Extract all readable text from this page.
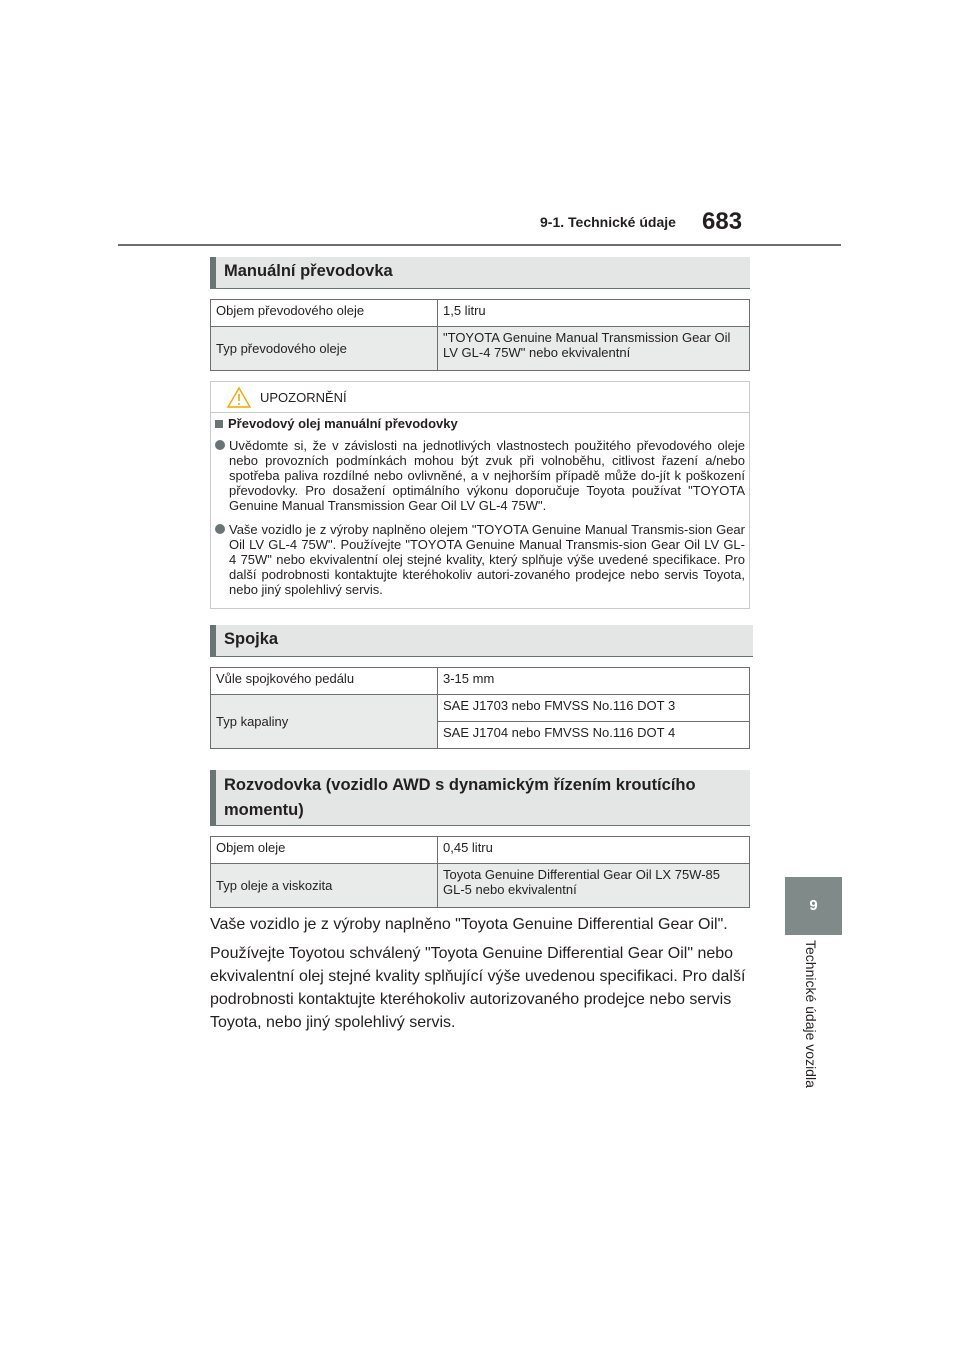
9-1. Technické údaje 683
9
Technické údaje vozidla
Manuální převodovka
Objem převodového oleje	1,5 litru
Typ převodového oleje	"TOYOTA Genuine Manual Transmission Gear Oil LV GL-4 75W" nebo ekvivalentní
UPOZORNĚNÍ
Převodový olej manuální převodovky
Uvědomte si, že v závislosti na jednotlivých vlastnostech použitého převodového oleje nebo provozních podmínkách mohou být zvuk při volnoběhu, citlivost řazení a/nebo spotřeba paliva rozdílné nebo ovlivněné, a v nejhorším případě může do-jít k poškození převodovky. Pro dosažení optimálního výkonu doporučuje Toyota používat "TOYOTA Genuine Manual Transmission Gear Oil LV GL-4 75W".
Vaše vozidlo je z výroby naplněno olejem "TOYOTA Genuine Manual Transmis-sion Gear Oil LV GL-4 75W". Používejte "TOYOTA Genuine Manual Transmis-sion Gear Oil LV GL-4 75W" nebo ekvivalentní olej stejné kvality, který splňuje výše uvedené specifikace. Pro další podrobnosti kontaktujte kteréhokoliv autori-zovaného prodejce nebo servis Toyota, nebo jiný spolehlivý servis.
Spojka
Vůle spojkového pedálu	3-15 mm
Typ kapaliny	SAE J1703 nebo FMVSS No.116 DOT 3
	SAE J1704 nebo FMVSS No.116 DOT 4
Rozvodovka (vozidlo AWD s dynamickým řízením kroutícího momentu)
Objem oleje	0,45 litru
Typ oleje a viskozita	Toyota Genuine Differential Gear Oil LX 75W-85 GL-5 nebo ekvivalentní
Vaše vozidlo je z výroby naplněno "Toyota Genuine Differential Gear Oil".
Používejte Toyotou schválený "Toyota Genuine Differential Gear Oil" nebo ekvivalentní olej stejné kvality splňující výše uvedenou specifikaci. Pro další podrobnosti kontaktujte kteréhokoliv autorizovaného prodejce nebo servis Toyota, nebo jiný spolehlivý servis.
